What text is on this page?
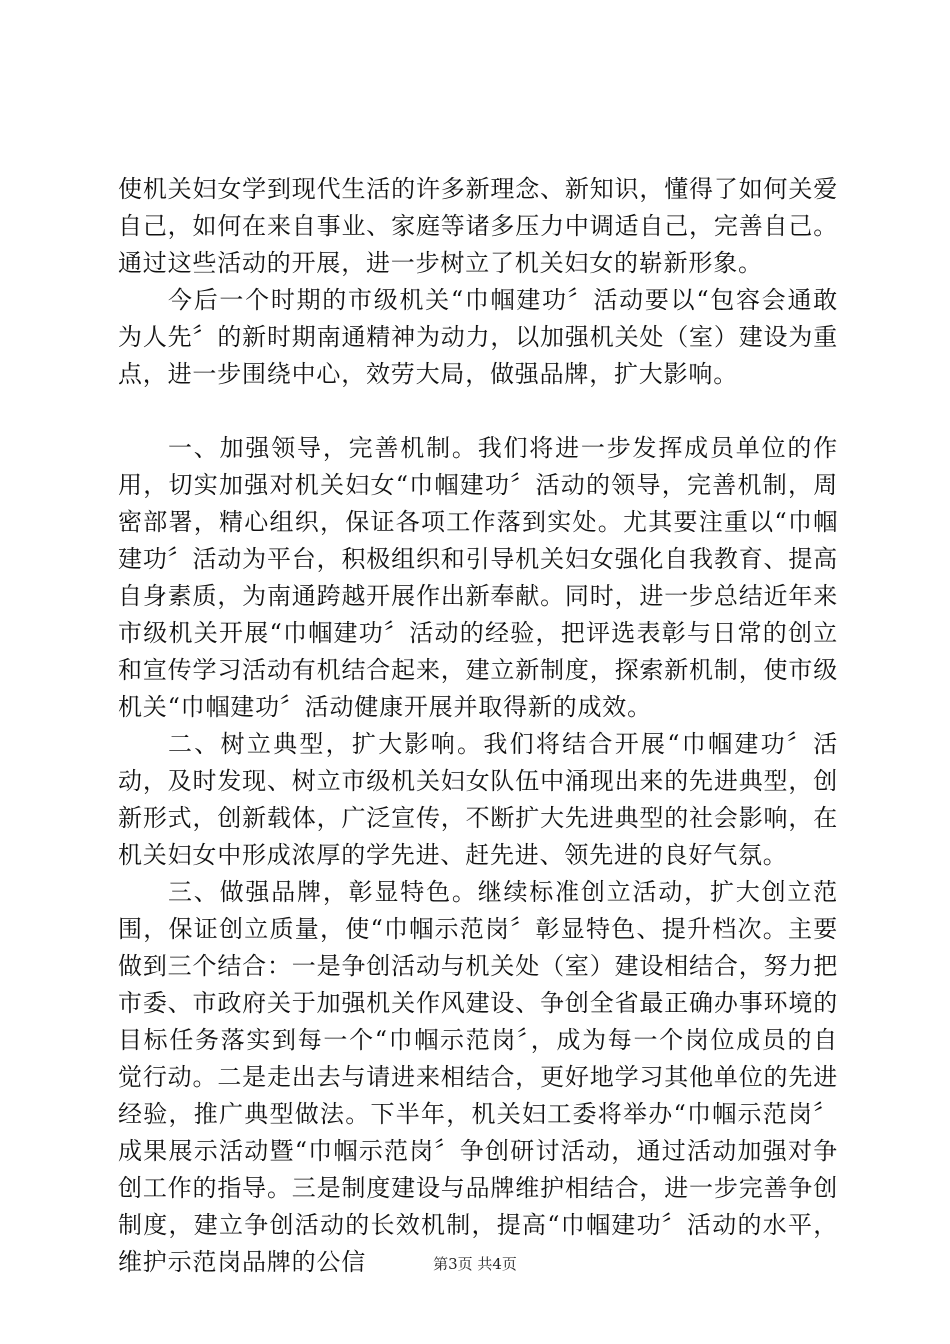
使机关妇女学到现代生活的许多新理念、新知识，懂得了如何关爱自己，如何在来自事业、家庭等诸多压力中调适自己，完善自己。通过这些活动的开展，进一步树立了机关妇女的崭新形象。

今后一个时期的市级机关“巾帼建功〞活动要以“包容会通敢为人先〞的新时期南通精神为动力，以加强机关处（室）建设为重点，进一步围绕中心，效劳大局，做强品牌，扩大影响。

一、加强领导，完善机制。我们将进一步发挥成员单位的作用，切实加强对机关妇女“巾帼建功〞活动的领导，完善机制，周密部署，精心组织，保证各项工作落到实处。尤其要注重以“巾帼建功〞活动为平台，积极组织和引导机关妇女强化自我教育、提高自身素质，为南通跨越开展作出新奉献。同时，进一步总结近年来市级机关开展“巾帼建功〞活动的经验，把评选表彰与日常的创立和宣传学习活动有机结合起来，建立新制度，探索新机制，使市级机关“巾帼建功〞活动健康开展并取得新的成效。

二、树立典型，扩大影响。我们将结合开展“巾帼建功〞活动，及时发现、树立市级机关妇女队伍中涌现出来的先进典型，创新形式，创新载体，广泛宣传，不断扩大先进典型的社会影响，在机关妇女中形成浓厚的学先进、赶先进、领先进的良好气氛。

三、做强品牌，彰显特色。继续标准创立活动，扩大创立范围，保证创立质量，使“巾帼示范岗〞彰显特色、提升档次。主要做到三个结合：一是争创活动与机关处（室）建设相结合，努力把市委、市政府关于加强机关作风建设、争创全省最正确办事环境的目标任务落实到每一个“巾帼示范岗〞，成为每一个岗位成员的自觉行动。二是走出去与请进来相结合，更好地学习其他单位的先进经验，推广典型做法。下半年，机关妇工委将举办“巾帼示范岗〞成果展示活动暨“巾帼示范岗〞争创研讨活动，通过活动加强对争创工作的指导。三是制度建设与品牌维护相结合，进一步完善争创制度，建立争创活动的长效机制，提高“巾帼建功〞活动的水平，维护示范岗品牌的公信	第3页 共4页
